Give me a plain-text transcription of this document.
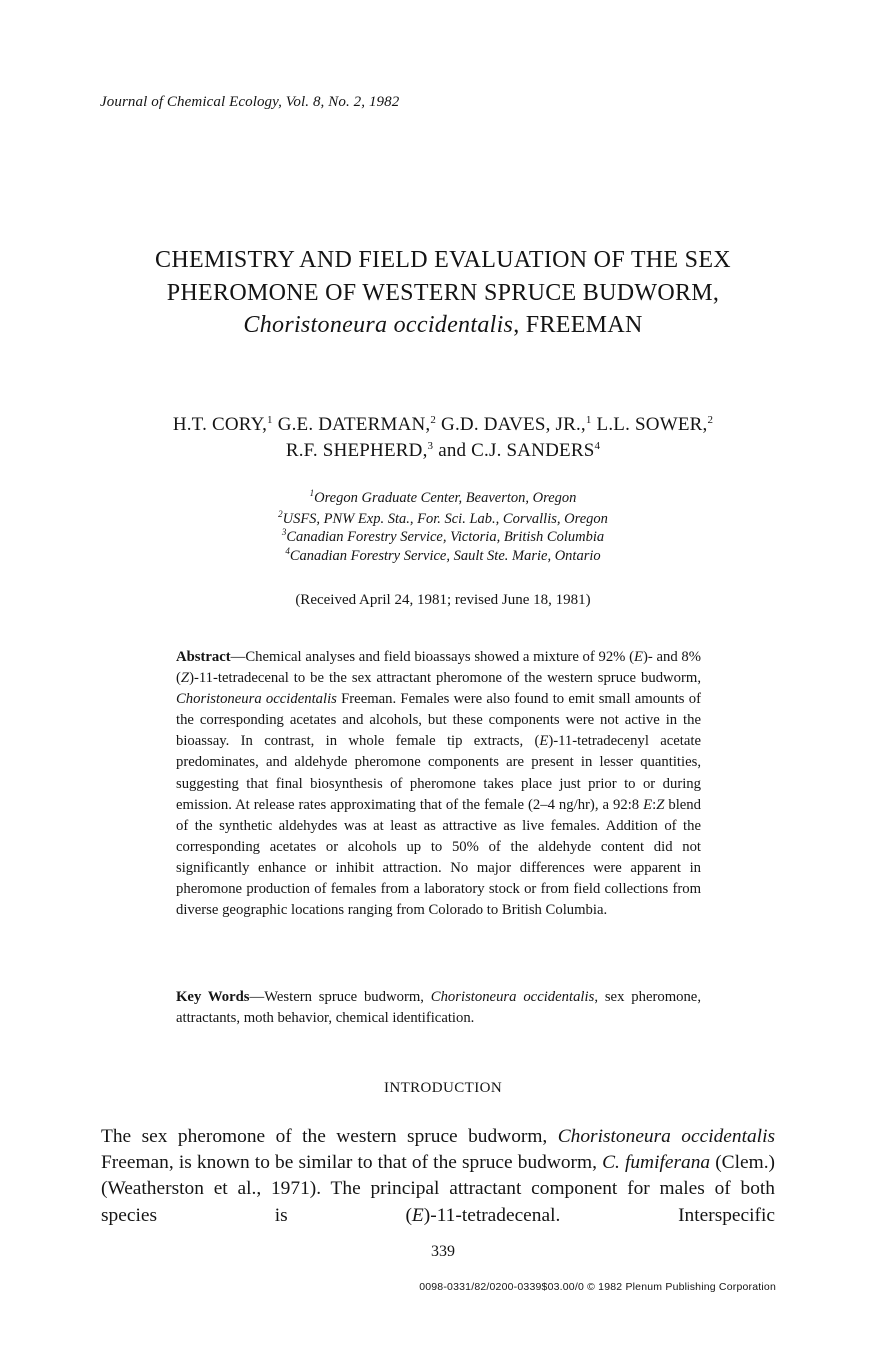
Journal of Chemical Ecology, Vol. 8, No. 2, 1982
CHEMISTRY AND FIELD EVALUATION OF THE SEX
PHEROMONE OF WESTERN SPRUCE BUDWORM,
Choristoneura occidentalis, FREEMAN
H.T. CORY,$^1$ G.E. DATERMAN,$^2$ G.D. DAVES, JR.,$^1$ L.L. SOWER,$^2$
R.F. SHEPHERD,$^3$ and C.J. SANDERS$^4$
$^1$Oregon Graduate Center, Beaverton, Oregon
$^2$USFS, PNW Exp. Sta., For. Sci. Lab., Corvallis, Oregon
$^3$Canadian Forestry Service, Victoria, British Columbia
$^4$Canadian Forestry Service, Sault Ste. Marie, Ontario
(Received April 24, 1981; revised June 18, 1981)
Abstract—Chemical analyses and field bioassays showed a mixture of 92% (E)- and 8% (Z)-11-tetradecenal to be the sex attractant pheromone of the western spruce budworm, Choristoneura occidentalis Freeman. Females were also found to emit small amounts of the corresponding acetates and alcohols, but these components were not active in the bioassay. In contrast, in whole female tip extracts, (E)-11-tetradecenyl acetate predominates, and aldehyde pheromone components are present in lesser quantities, suggesting that final biosynthesis of pheromone takes place just prior to or during emission. At release rates approximating that of the female (2–4 ng/hr), a 92:8 E:Z blend of the synthetic aldehydes was at least as attractive as live females. Addition of the corresponding acetates or alcohols up to 50% of the aldehyde content did not significantly enhance or inhibit attraction. No major differences were apparent in pheromone production of females from a laboratory stock or from field collections from diverse geographic locations ranging from Colorado to British Columbia.
Key Words—Western spruce budworm, Choristoneura occidentalis, sex pheromone, attractants, moth behavior, chemical identification.
INTRODUCTION
The sex pheromone of the western spruce budworm, Choristoneura occidentalis Freeman, is known to be similar to that of the spruce budworm, C. fumiferana (Clem.) (Weatherston et al., 1971). The principal attractant component for males of both species is (E)-11-tetradecenal. Interspecific
339
0098-0331/82/0200-0339$03.00/0 © 1982 Plenum Publishing Corporation
